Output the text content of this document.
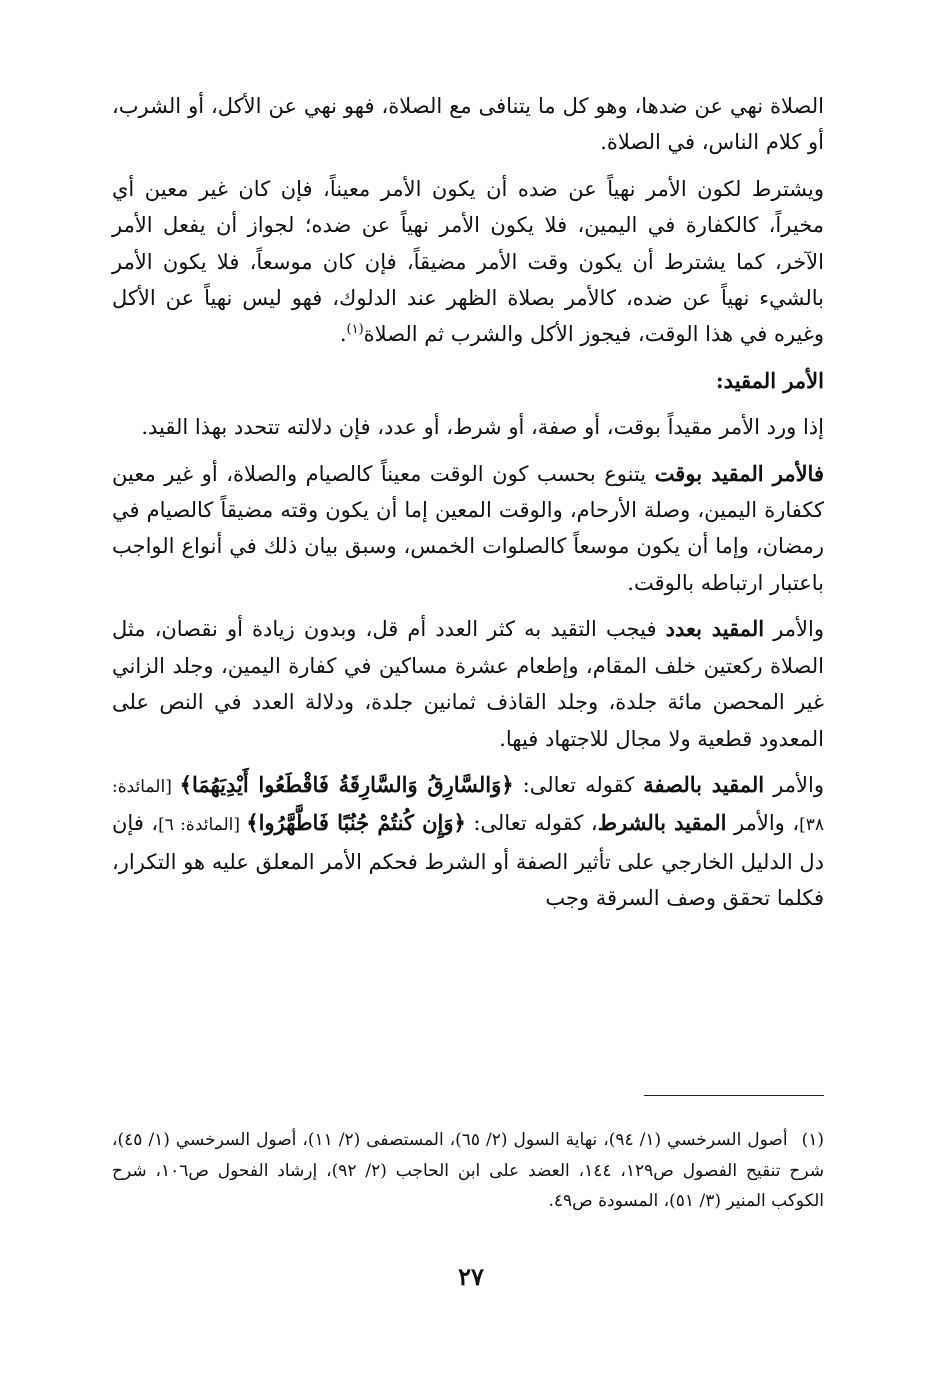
الصلاة نهي عن ضدها، وهو كل ما يتنافى مع الصلاة، فهو نهي عن الأكل، أو الشرب، أو كلام الناس، في الصلاة.

ويشترط لكون الأمر نهياً عن ضده أن يكون الأمر معيناً، فإن كان غير معين أي مخيراً، كالكفارة في اليمين، فلا يكون الأمر نهياً عن ضده؛ لجواز أن يفعل الأمر الآخر، كما يشترط أن يكون وقت الأمر مضيقاً، فإن كان موسعاً، فلا يكون الأمر بالشيء نهياً عن ضده، كالأمر بصلاة الظهر عند الدلوك، فهو ليس نهياً عن الأكل وغيره في هذا الوقت، فيجوز الأكل والشرب ثم الصلاة$^{(١)}$.

الأمر المقيد:

إذا ورد الأمر مقيداً بوقت، أو صفة، أو شرط، أو عدد، فإن دلالته تتحدد بهذا القيد.

فالأمر المقيد بوقت يتنوع بحسب كون الوقت معيناً كالصيام والصلاة، أو غير معين ككفارة اليمين، وصلة الأرحام، والوقت المعين إما أن يكون وقته مضيقاً كالصيام في رمضان، وإما أن يكون موسعاً كالصلوات الخمس، وسبق بيان ذلك في أنواع الواجب باعتبار ارتباطه بالوقت.

والأمر المقيد بعدد فيجب التقيد به كثر العدد أم قل، وبدون زيادة أو نقصان، مثل الصلاة ركعتين خلف المقام، وإطعام عشرة مساكين في كفارة اليمين، وجلد الزاني غير المحصن مائة جلدة، وجلد القاذف ثمانين جلدة، ودلالة العدد في النص على المعدود قطعية ولا مجال للاجتهاد فيها.

والأمر المقيد بالصفة كقوله تعالى: ﴿وَالسَّارِقُ وَالسَّارِقَةُ فَاقْطَعُوا أَيْدِيَهُمَا﴾ [المائدة: ٣٨]، والأمر المقيد بالشرط، كقوله تعالى: ﴿وَإِن كُنتُمْ جُنُبًا فَاطَّهَّرُوا﴾ [المائدة: ٦]، فإن دل الدليل الخارجي على تأثير الصفة أو الشرط فحكم الأمر المعلق عليه هو التكرار، فكلما تحقق وصف السرقة وجب

(١)أصول السرخسي (١/ ٩٤)، نهاية السول (٢/ ٦٥)، المستصفى (٢/ ١١)، أصول السرخسي (١/ ٤٥)، شرح تنقيح الفصول ص١٢٩، ١٤٤، العضد على ابن الحاجب (٢/ ٩٢)، إرشاد الفحول ص١٠٦، شرح الكوكب المنير (٣/ ٥١)، المسودة ص٤٩.
٢٧
